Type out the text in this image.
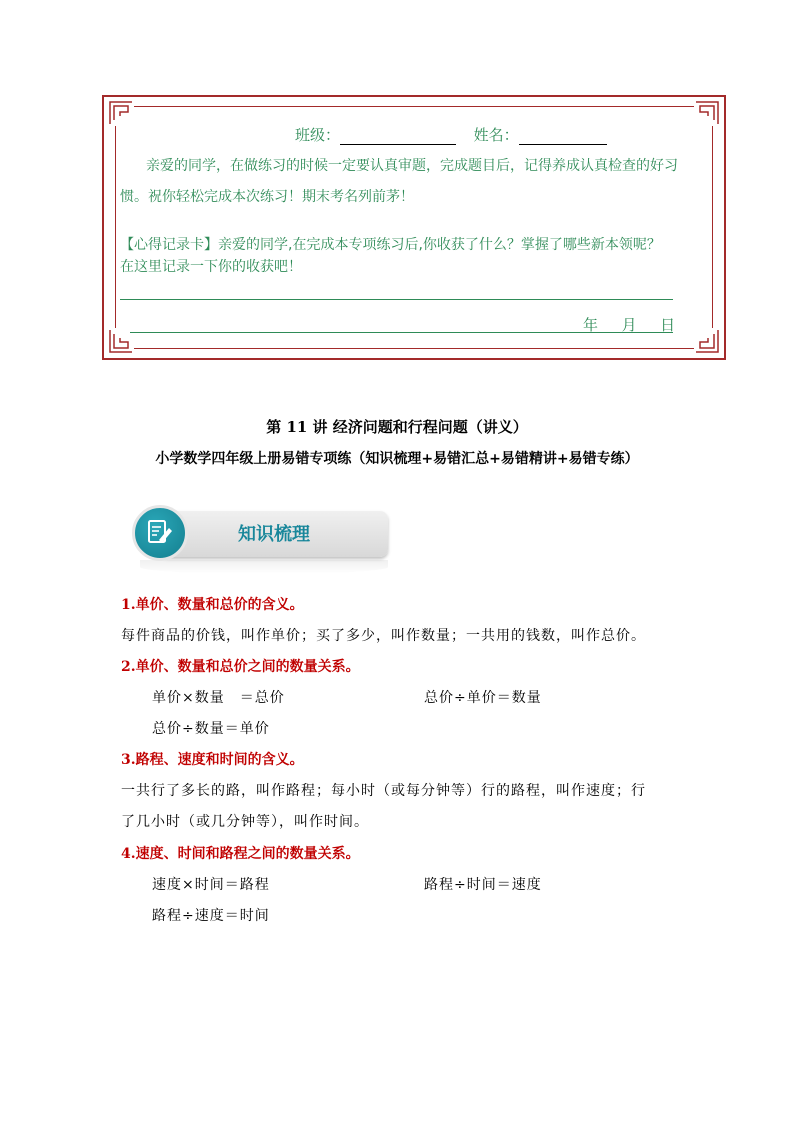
班级：	姓名：
亲爱的同学，在做练习的时候一定要认真审题，完成题目后，记得养成认真检查的好习
惯。祝你轻松完成本次练习！期末考名列前茅！
【心得记录卡】亲爱的同学,在完成本专项练习后,你收获了什么？掌握了哪些新本领呢？
在这里记录一下你的收获吧！
年 月 日
第 11 讲 经济问题和行程问题（讲义）
小学数学四年级上册易错专项练（知识梳理+易错汇总+易错精讲+易错专练）
知识梳理
1.单价、数量和总价的含义。
每件商品的价钱，叫作单价；买了多少，叫作数量；一共用的钱数，叫作总价。
2.单价、数量和总价之间的数量关系。
单价×数量　＝总价	总价÷单价＝数量
总价÷数量＝单价
3.路程、速度和时间的含义。
一共行了多长的路，叫作路程；每小时（或每分钟等）行的路程，叫作速度；行
了几小时（或几分钟等），叫作时间。
4.速度、时间和路程之间的数量关系。
速度×时间＝路程	路程÷时间＝速度
路程÷速度＝时间
